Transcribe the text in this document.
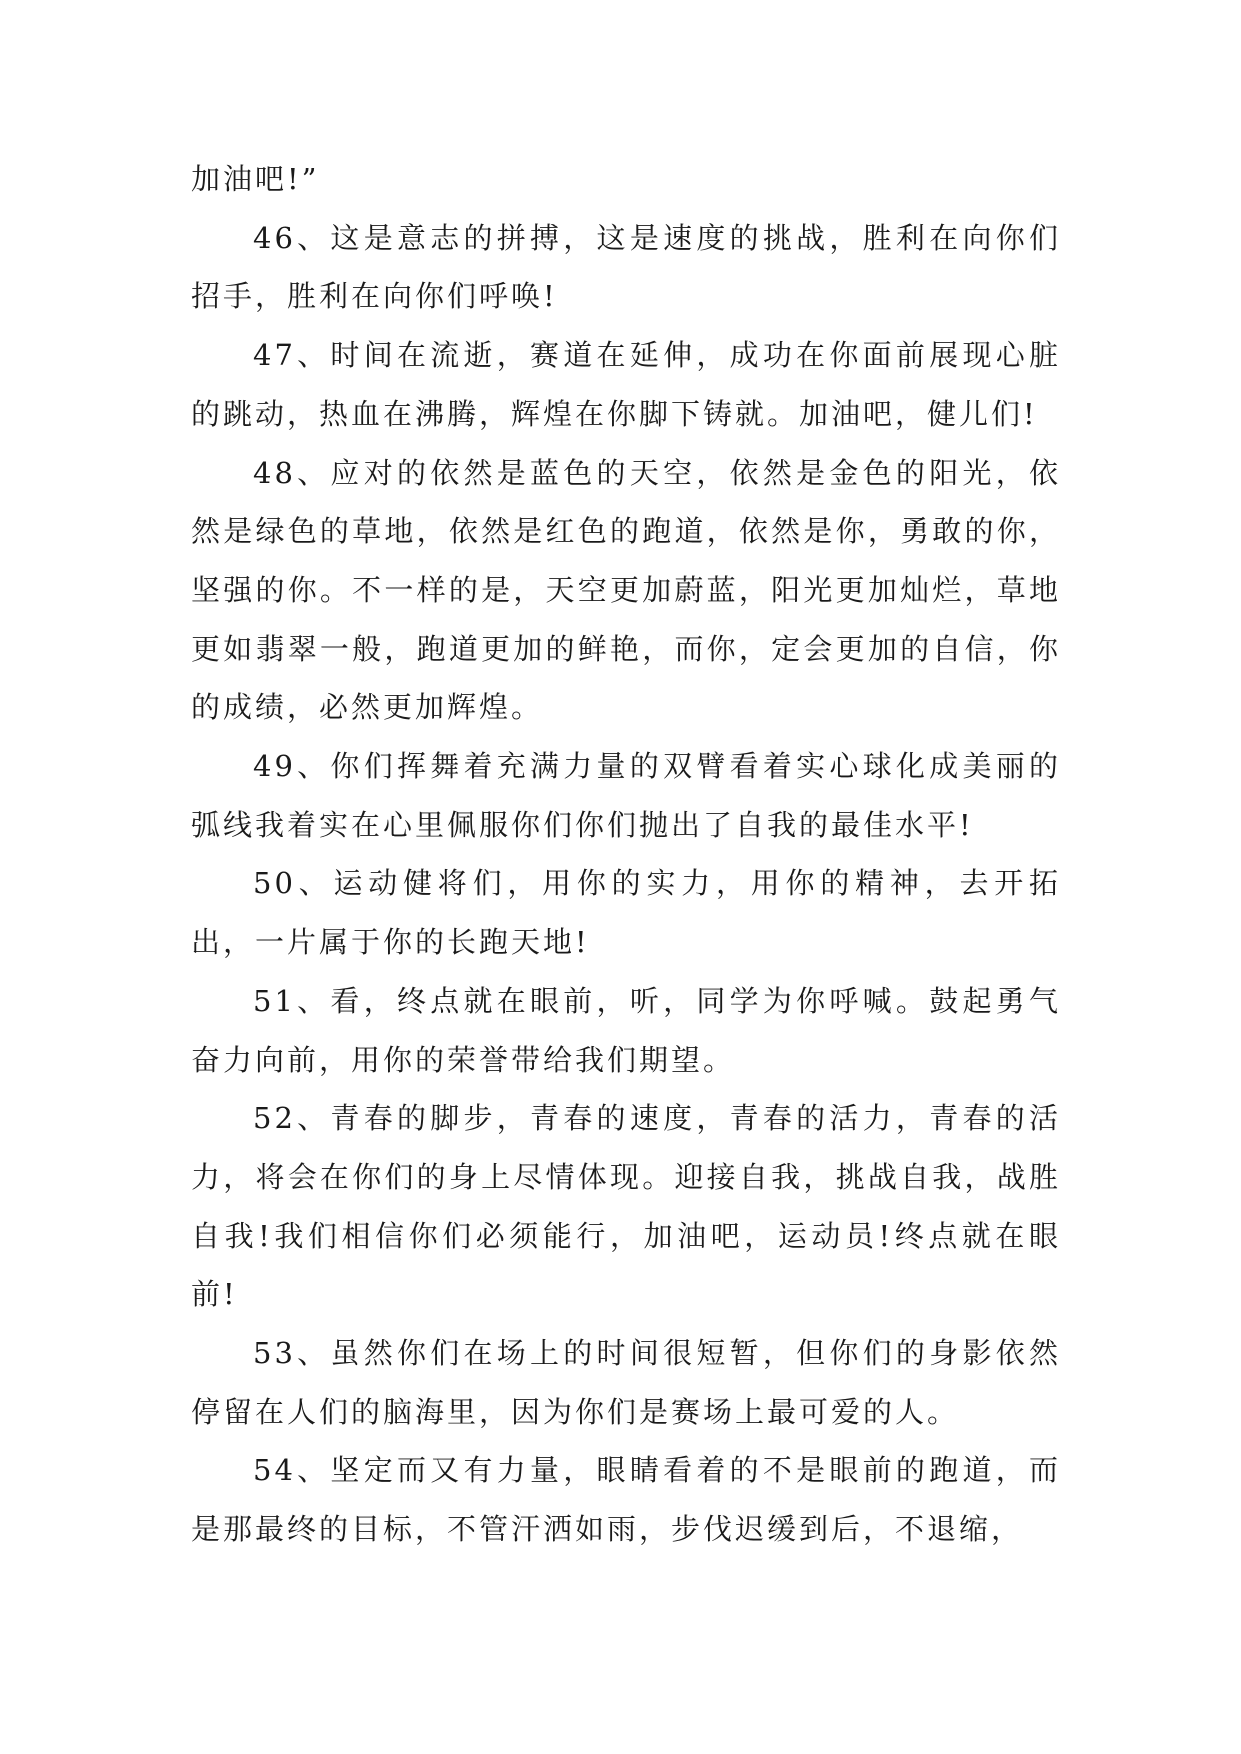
加油吧!”

46、这是意志的拼搏，这是速度的挑战，胜利在向你们招手，胜利在向你们呼唤!

47、时间在流逝，赛道在延伸，成功在你面前展现心脏的跳动，热血在沸腾，辉煌在你脚下铸就。加油吧，健儿们!

48、应对的依然是蓝色的天空，依然是金色的阳光，依然是绿色的草地，依然是红色的跑道，依然是你，勇敢的你，坚强的你。不一样的是，天空更加蔚蓝，阳光更加灿烂，草地更如翡翠一般，跑道更加的鲜艳，而你，定会更加的自信，你的成绩，必然更加辉煌。

49、你们挥舞着充满力量的双臂看着实心球化成美丽的弧线我着实在心里佩服你们你们抛出了自我的最佳水平!

50、运动健将们，用你的实力，用你的精神，去开拓出，一片属于你的长跑天地!

51、看，终点就在眼前，听，同学为你呼喊。鼓起勇气奋力向前，用你的荣誉带给我们期望。

52、青春的脚步，青春的速度，青春的活力，青春的活力，将会在你们的身上尽情体现。迎接自我，挑战自我，战胜自我!我们相信你们必须能行，加油吧，运动员!终点就在眼前!

53、虽然你们在场上的时间很短暂，但你们的身影依然停留在人们的脑海里，因为你们是赛场上最可爱的人。

54、坚定而又有力量，眼睛看着的不是眼前的跑道，而是那最终的目标，不管汗洒如雨，步伐迟缓到后，不退缩，
